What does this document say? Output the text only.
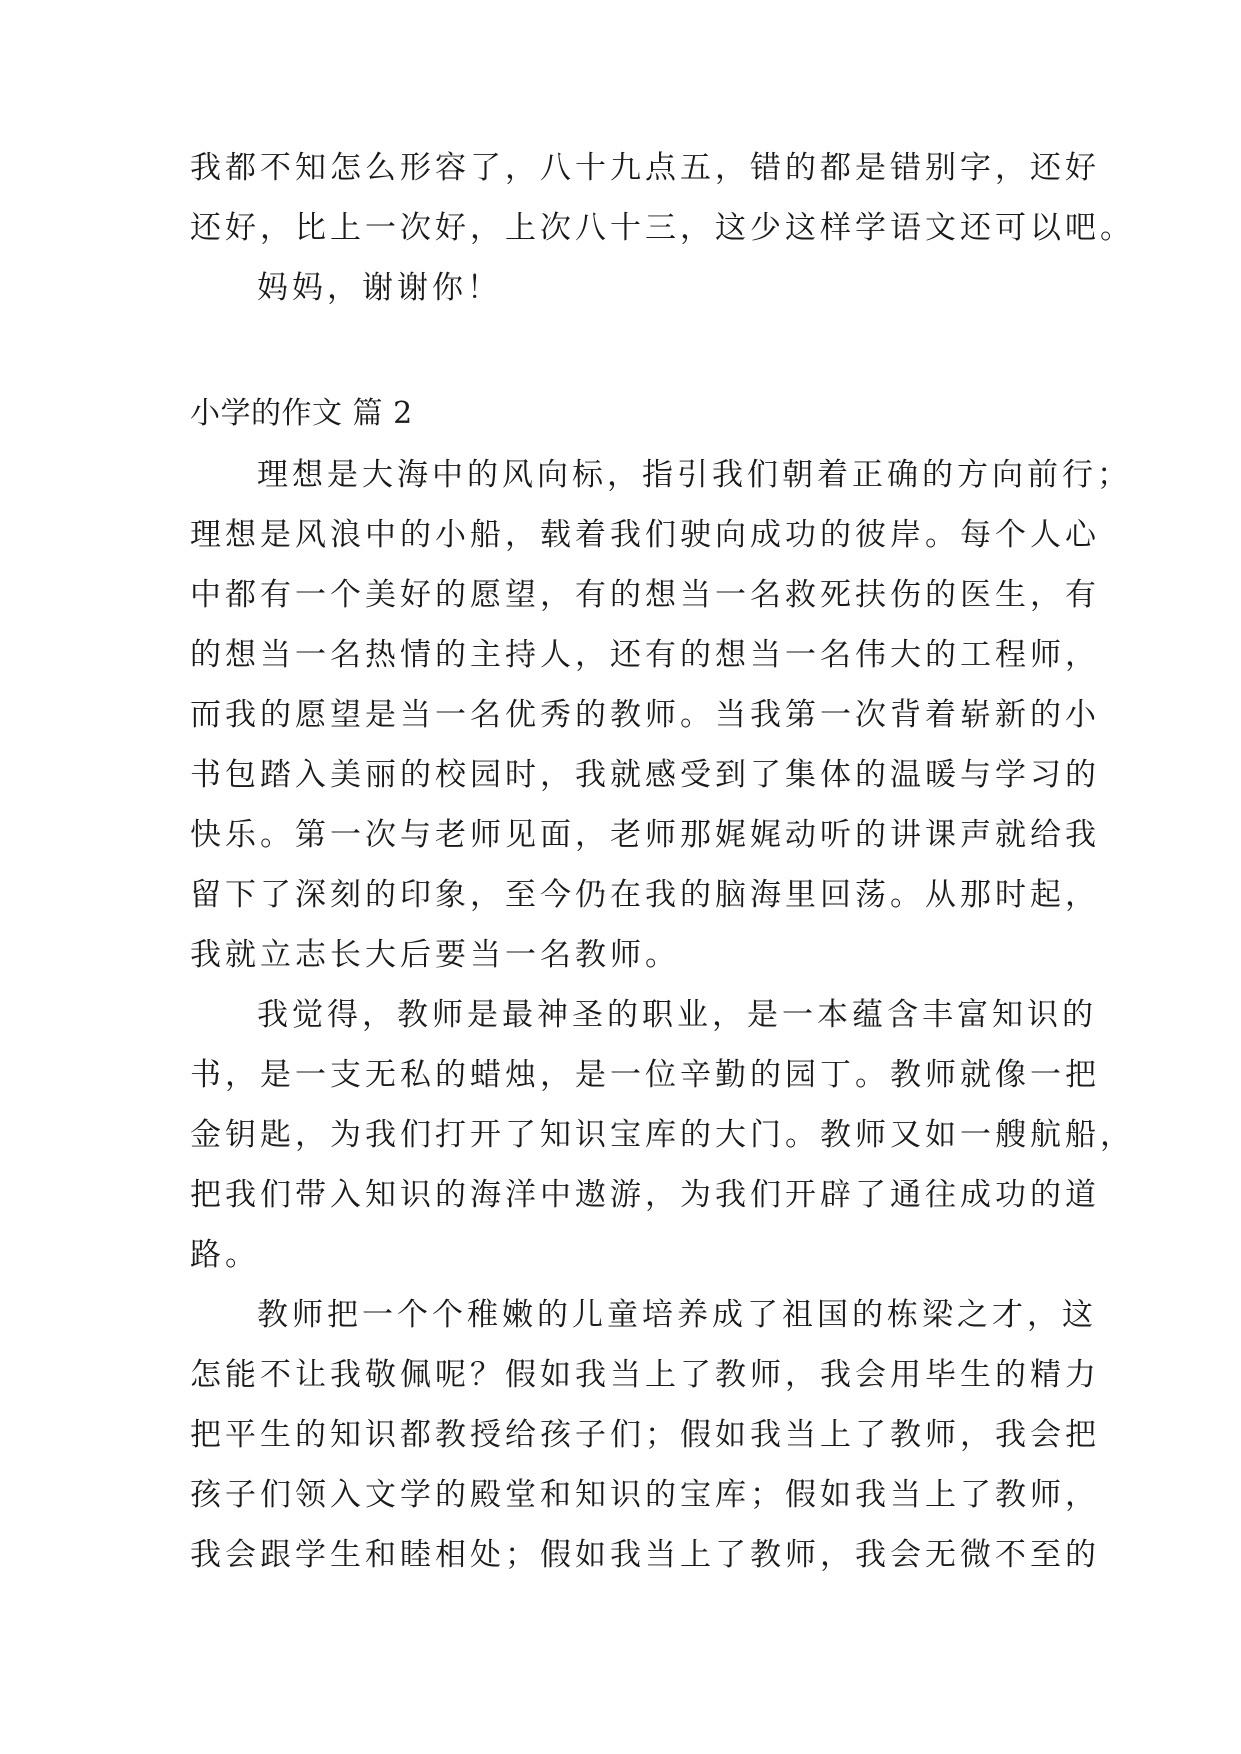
我都不知怎么形容了，八十九点五，错的都是错别字，还好
还好，比上一次好，上次八十三，这少这样学语文还可以吧。
妈妈，谢谢你！
小学的作文 篇 2
理想是大海中的风向标，指引我们朝着正确的方向前行；
理想是风浪中的小船，载着我们驶向成功的彼岸。每个人心
中都有一个美好的愿望，有的想当一名救死扶伤的医生，有
的想当一名热情的主持人，还有的想当一名伟大的工程师，
而我的愿望是当一名优秀的教师。当我第一次背着崭新的小
书包踏入美丽的校园时，我就感受到了集体的温暖与学习的
快乐。第一次与老师见面，老师那娓娓动听的讲课声就给我
留下了深刻的印象，至今仍在我的脑海里回荡。从那时起，
我就立志长大后要当一名教师。
我觉得，教师是最神圣的职业，是一本蕴含丰富知识的
书，是一支无私的蜡烛，是一位辛勤的园丁。教师就像一把
金钥匙，为我们打开了知识宝库的大门。教师又如一艘航船，
把我们带入知识的海洋中遨游，为我们开辟了通往成功的道
路。
教师把一个个稚嫩的儿童培养成了祖国的栋梁之才，这
怎能不让我敬佩呢？假如我当上了教师，我会用毕生的精力
把平生的知识都教授给孩子们；假如我当上了教师，我会把
孩子们领入文学的殿堂和知识的宝库；假如我当上了教师，
我会跟学生和睦相处；假如我当上了教师，我会无微不至的
